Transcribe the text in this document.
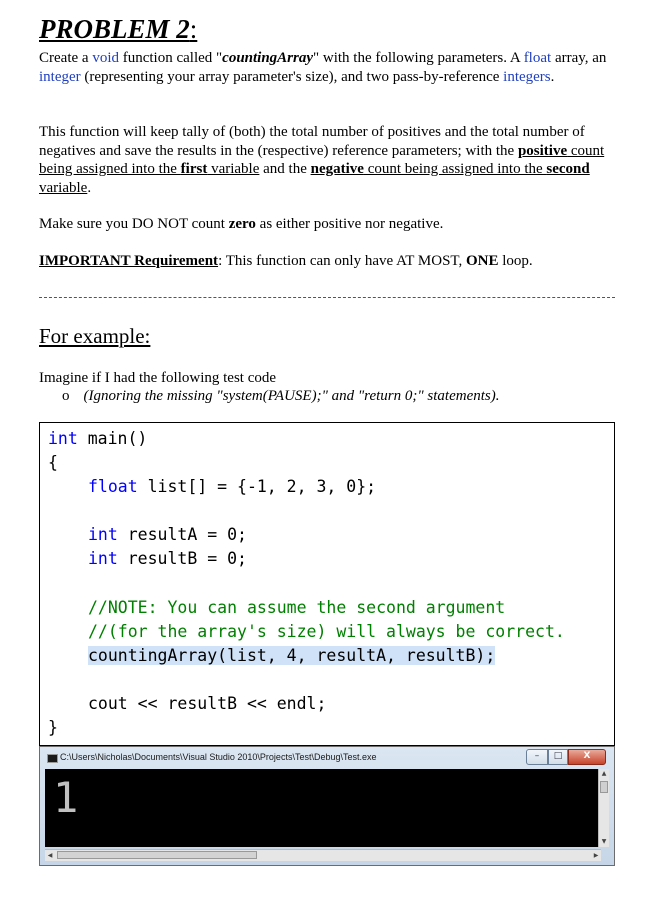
PROBLEM 2:
Create a void function called "countingArray" with the following parameters. A float array, an integer (representing your array parameter's size), and two pass-by-reference integers.
This function will keep tally of (both) the total number of positives and the total number of negatives and save the results in the (respective) reference parameters; with the positive count being assigned into the first variable and the negative count being assigned into the second variable.
Make sure you DO NOT count zero as either positive nor negative.
IMPORTANT Requirement: This function can only have AT MOST, ONE loop.
For example:
Imagine if I had the following test code
o (Ignoring the missing "system(PAUSE);" and "return 0;" statements).
int main()
{
float list[] = {-1, 2, 3, 0};
int resultA = 0;
int resultB = 0;
//NOTE: You can assume the second argument
//(for the array's size) will always be correct.
countingArray(list, 4, resultA, resultB);
cout << resultB << endl;
}
C:\Users\Nicholas\Documents\Visual Studio 2010\Projects\Test\Debug\Test.exe	–	□	X
1	▲
▼
◀	▶
